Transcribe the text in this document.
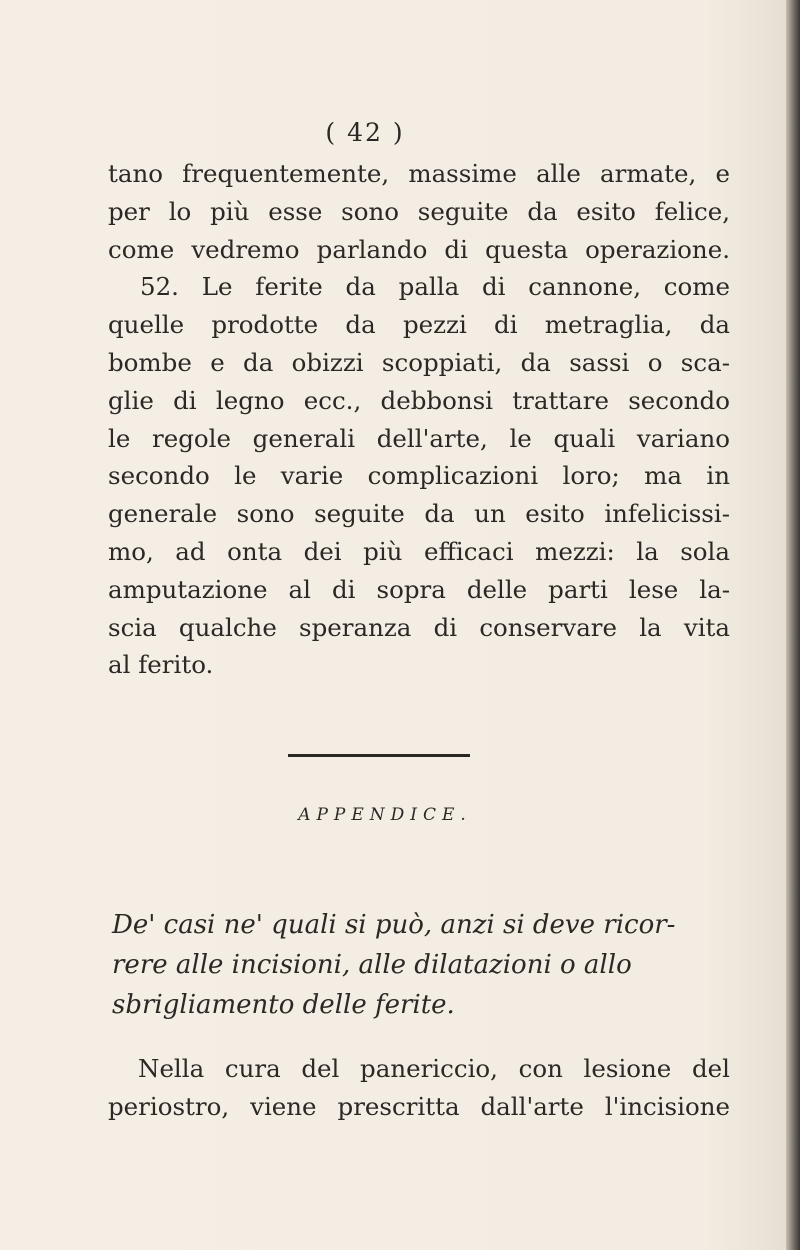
( 42 )
tano frequentemente, massime alle armate, e
per lo più esse sono seguite da esito felice,
come vedremo parlando di questa operazione.
52. Le ferite da palla di cannone, come
quelle prodotte da pezzi di metraglia, da
bombe e da obizzi scoppiati, da sassi o sca-
glie di legno ecc., debbonsi trattare secondo
le regole generali dell'arte, le quali variano
secondo le varie complicazioni loro; ma in
generale sono seguite da un esito infelicissi-
mo, ad onta dei più efficaci mezzi: la sola
amputazione al di sopra delle parti lese la-
scia qualche speranza di conservare la vita
al ferito.
APPENDICE.
De' casi ne' quali si può, anzi si deve ricor-
rere alle incisioni, alle dilatazioni o allo
sbrigliamento delle ferite.
Nella cura del panericcio, con lesione del
periostro, viene prescritta dall'arte l'incisione
